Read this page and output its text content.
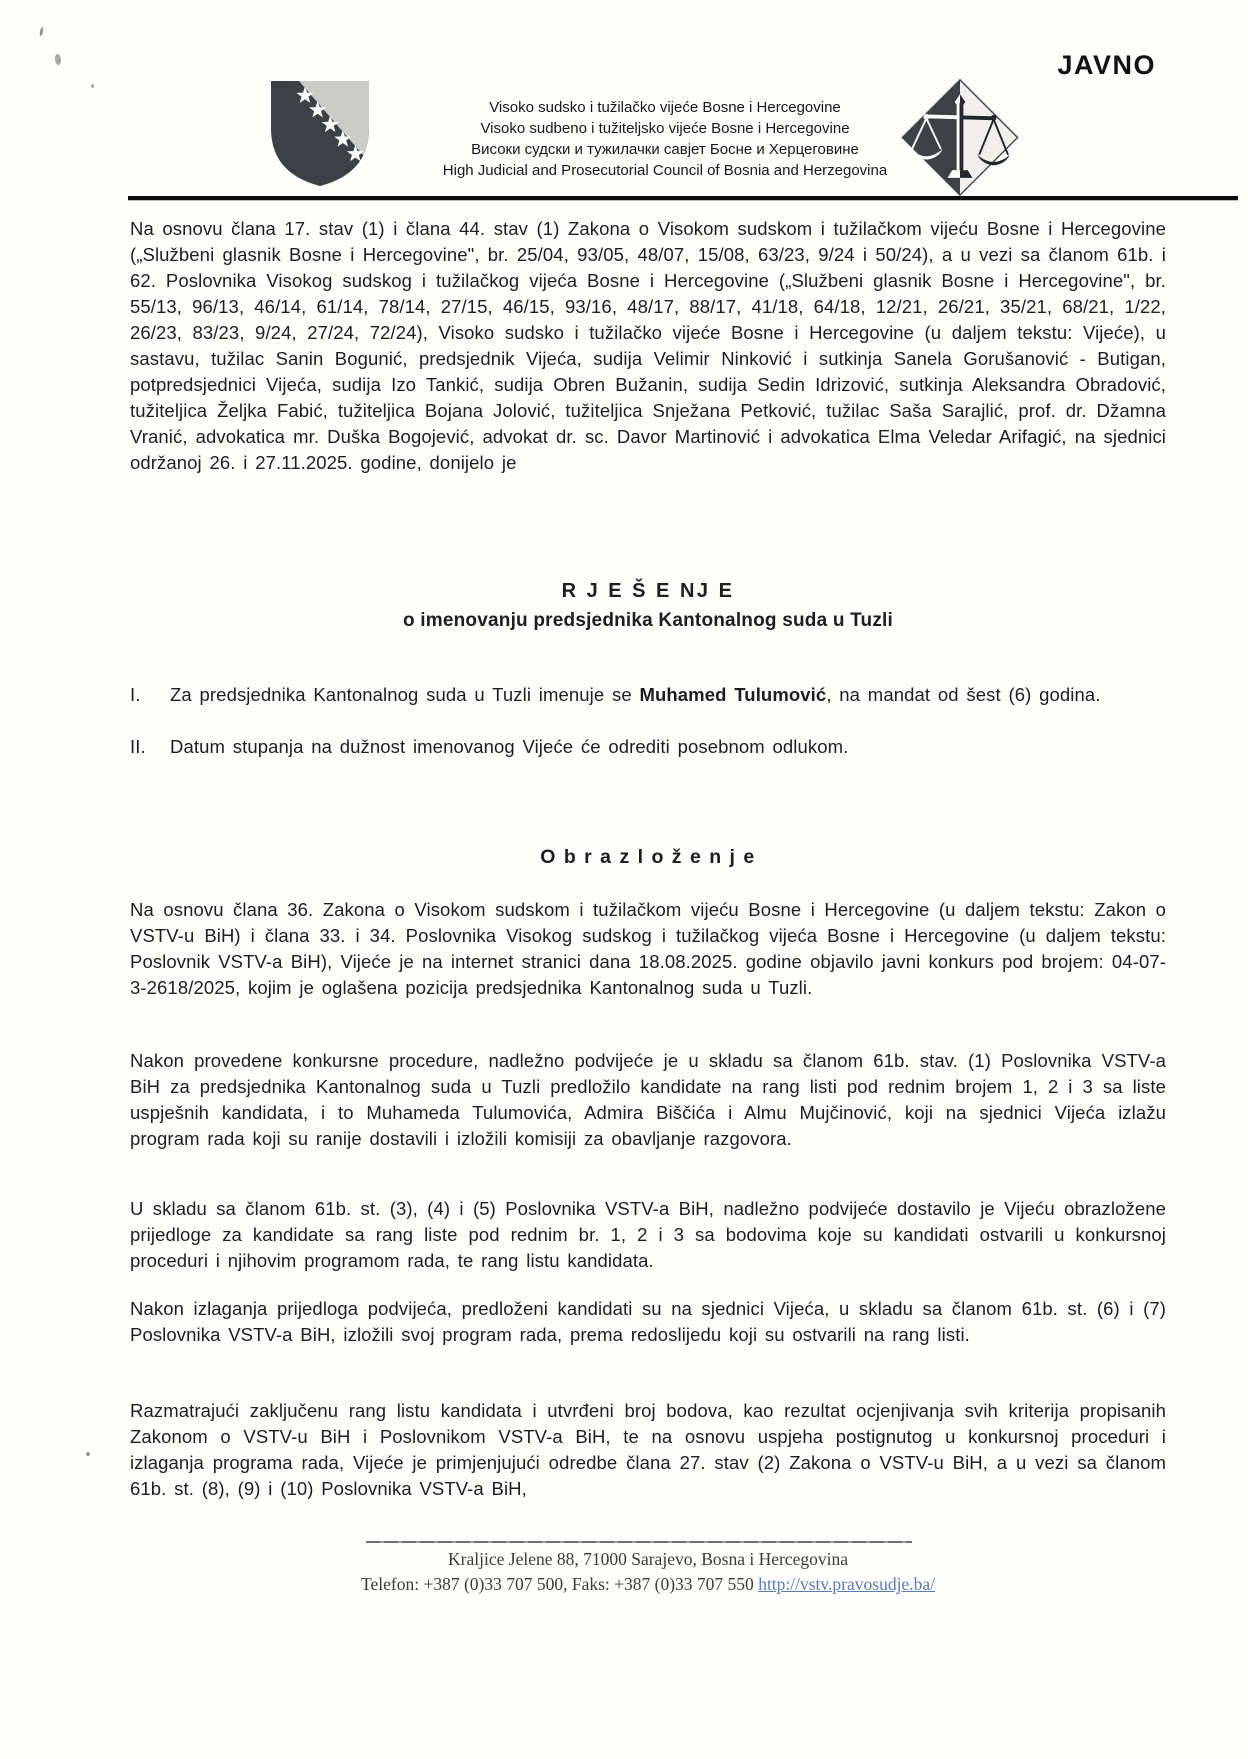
JAVNO
Visoko sudsko i tužilačko vijeće Bosne i Hercegovine
Visoko sudbeno i tužiteljsko vijeće Bosne i Hercegovine
Високи судски и тужилачки савјет Босне и Херцеговине
High Judicial and Prosecutorial Council of Bosnia and Herzegovina
Na osnovu člana 17. stav (1) i člana 44. stav (1) Zakona o Visokom sudskom i tužilačkom vijeću Bosne i Hercegovine („Službeni glasnik Bosne i Hercegovine", br. 25/04, 93/05, 48/07, 15/08, 63/23, 9/24 i 50/24), a u vezi sa članom 61b. i 62. Poslovnika Visokog sudskog i tužilačkog vijeća Bosne i Hercegovine („Službeni glasnik Bosne i Hercegovine", br. 55/13, 96/13, 46/14, 61/14, 78/14, 27/15, 46/15, 93/16, 48/17, 88/17, 41/18, 64/18, 12/21, 26/21, 35/21, 68/21, 1/22, 26/23, 83/23, 9/24, 27/24, 72/24), Visoko sudsko i tužilačko vijeće Bosne i Hercegovine (u daljem tekstu: Vijeće), u sastavu, tužilac Sanin Bogunić, predsjednik Vijeća, sudija Velimir Ninković i sutkinja Sanela Gorušanović - Butigan, potpredsjednici Vijeća, sudija Izo Tankić, sudija Obren Bužanin, sudija Sedin Idrizović, sutkinja Aleksandra Obradović, tužiteljica Željka Fabić, tužiteljica Bojana Jolović, tužiteljica Snježana Petković, tužilac Saša Sarajlić, prof. dr. Džamna Vranić, advokatica mr. Duška Bogojević, advokat dr. sc. Davor Martinović i advokatica Elma Veledar Arifagić, na sjednici održanoj 26. i 27.11.2025. godine, donijelo je
R J E Š E NJ E
o imenovanju predsjednika Kantonalnog suda u Tuzli
I.	Za predsjednika Kantonalnog suda u Tuzli imenuje se Muhamed Tulumović, na mandat od šest (6) godina.
II.	Datum stupanja na dužnost imenovanog Vijeće će odrediti posebnom odlukom.
O b r a z l o ž e n j e
Na osnovu člana 36. Zakona o Visokom sudskom i tužilačkom vijeću Bosne i Hercegovine (u daljem tekstu: Zakon o VSTV-u BiH) i člana 33. i 34. Poslovnika Visokog sudskog i tužilačkog vijeća Bosne i Hercegovine (u daljem tekstu: Poslovnik VSTV-a BiH), Vijeće je na internet stranici dana 18.08.2025. godine objavilo javni konkurs pod brojem: 04-07-3-2618/2025, kojim je oglašena pozicija predsjednika Kantonalnog suda u Tuzli.
Nakon provedene konkursne procedure, nadležno podvijeće je u skladu sa članom 61b. stav. (1) Poslovnika VSTV-a BiH za predsjednika Kantonalnog suda u Tuzli predložilo kandidate na rang listi pod rednim brojem 1, 2 i 3 sa liste uspješnih kandidata, i to Muhameda Tulumovića, Admira Biščića i Almu Mujčinović, koji na sjednici Vijeća izlažu program rada koji su ranije dostavili i izložili komisiji za obavljanje razgovora.
U skladu sa članom 61b. st. (3), (4) i (5) Poslovnika VSTV-a BiH, nadležno podvijeće dostavilo je Vijeću obrazložene prijedloge za kandidate sa rang liste pod rednim br. 1, 2 i 3 sa bodovima koje su kandidati ostvarili u konkursnoj proceduri i njihovim programom rada, te rang listu kandidata.
Nakon izlaganja prijedloga podvijeća, predloženi kandidati su na sjednici Vijeća, u skladu sa članom 61b. st. (6) i (7) Poslovnika VSTV-a BiH, izložili svoj program rada, prema redoslijedu koji su ostvarili na rang listi.
Razmatrajući zaključenu rang listu kandidata i utvrđeni broj bodova, kao rezultat ocjenjivanja svih kriterija propisanih Zakonom o VSTV-u BiH i Poslovnikom VSTV-a BiH, te na osnovu uspjeha postignutog u konkursnoj proceduri i izlaganja programa rada, Vijeće je primjenjujući odredbe člana 27. stav (2) Zakona o VSTV-u BiH, a u vezi sa članom 61b. st. (8), (9) i (10) Poslovnika VSTV-a BiH,
Kraljice Jelene 88, 71000 Sarajevo, Bosna i Hercegovina
Telefon: +387 (0)33 707 500, Faks: +387 (0)33 707 550 http://vstv.pravosudje.ba/
